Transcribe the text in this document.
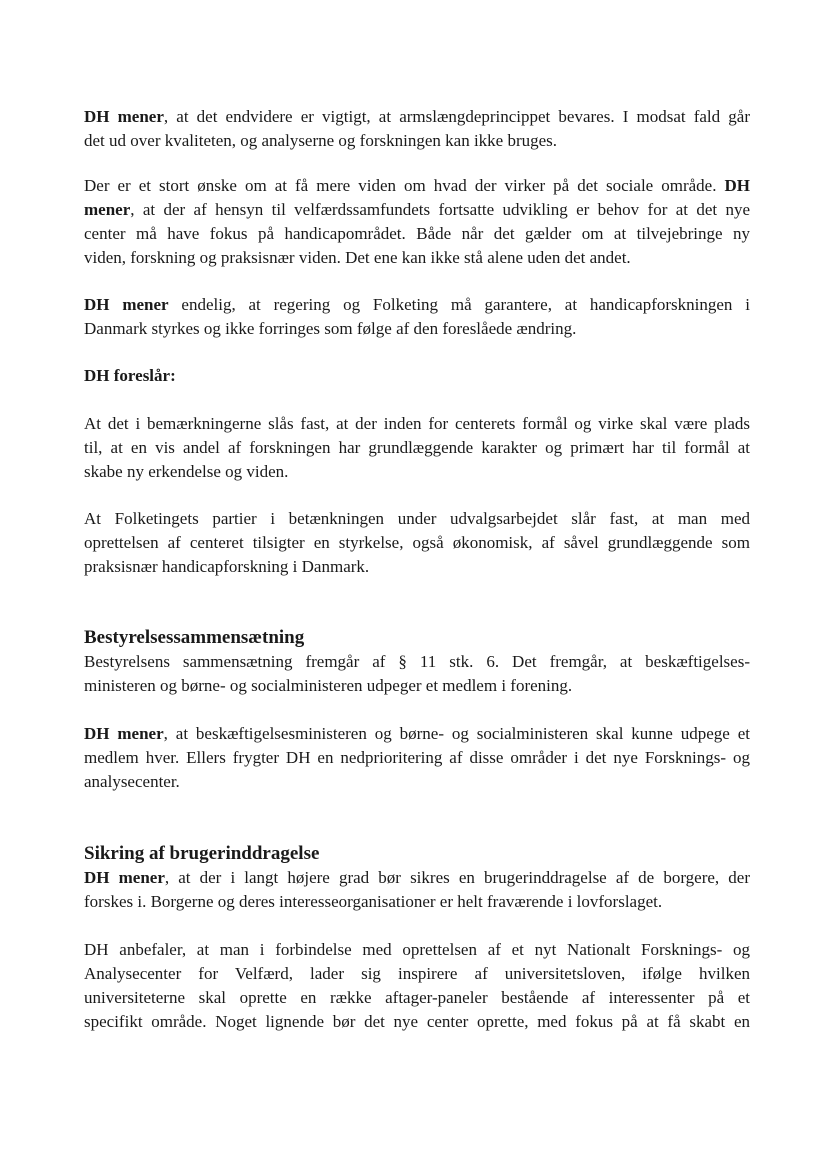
DH mener, at det endvidere er vigtigt, at armslængdeprincippet bevares. I modsat fald går
det ud over kvaliteten, og analyserne og forskningen kan ikke bruges.
Der er et stort ønske om at få mere viden om hvad der virker på det sociale område. DH
mener, at der af hensyn til velfærdssamfundets fortsatte udvikling er behov for at det nye
center må have fokus på handicapområdet. Både når det gælder om at tilvejebringe ny
viden, forskning og praksisnær viden. Det ene kan ikke stå alene uden det andet.
DH mener endelig, at regering og Folketing må garantere, at handicapforskningen i
Danmark styrkes og ikke forringes som følge af den foreslåede ændring.
DH foreslår:
At det i bemærkningerne slås fast, at der inden for centerets formål og virke skal være plads
til, at en vis andel af forskningen har grundlæggende karakter og primært har til formål at
skabe ny erkendelse og viden.
At Folketingets partier i betænkningen under udvalgsarbejdet slår fast, at man med
oprettelsen af centeret tilsigter en styrkelse, også økonomisk, af såvel grundlæggende som
praksisnær handicapforskning i Danmark.
Bestyrelsessammensætning
Bestyrelsens sammensætning fremgår af § 11 stk. 6. Det fremgår, at beskæftigelses-
ministeren og børne- og socialministeren udpeger et medlem i forening.
DH mener, at beskæftigelsesministeren og børne- og socialministeren skal kunne udpege et
medlem hver. Ellers frygter DH en nedprioritering af disse områder i det nye Forsknings- og
analysecenter.
Sikring af brugerinddragelse
DH mener, at der i langt højere grad bør sikres en brugerinddragelse af de borgere, der
forskes i. Borgerne og deres interesseorganisationer er helt fraværende i lovforslaget.
DH anbefaler, at man i forbindelse med oprettelsen af et nyt Nationalt Forsknings- og
Analysecenter for Velfærd, lader sig inspirere af universitetsloven, ifølge hvilken
universiteterne skal oprette en række aftager-paneler bestående af interessenter på et
specifikt område. Noget lignende bør det nye center oprette, med fokus på at få skabt en
